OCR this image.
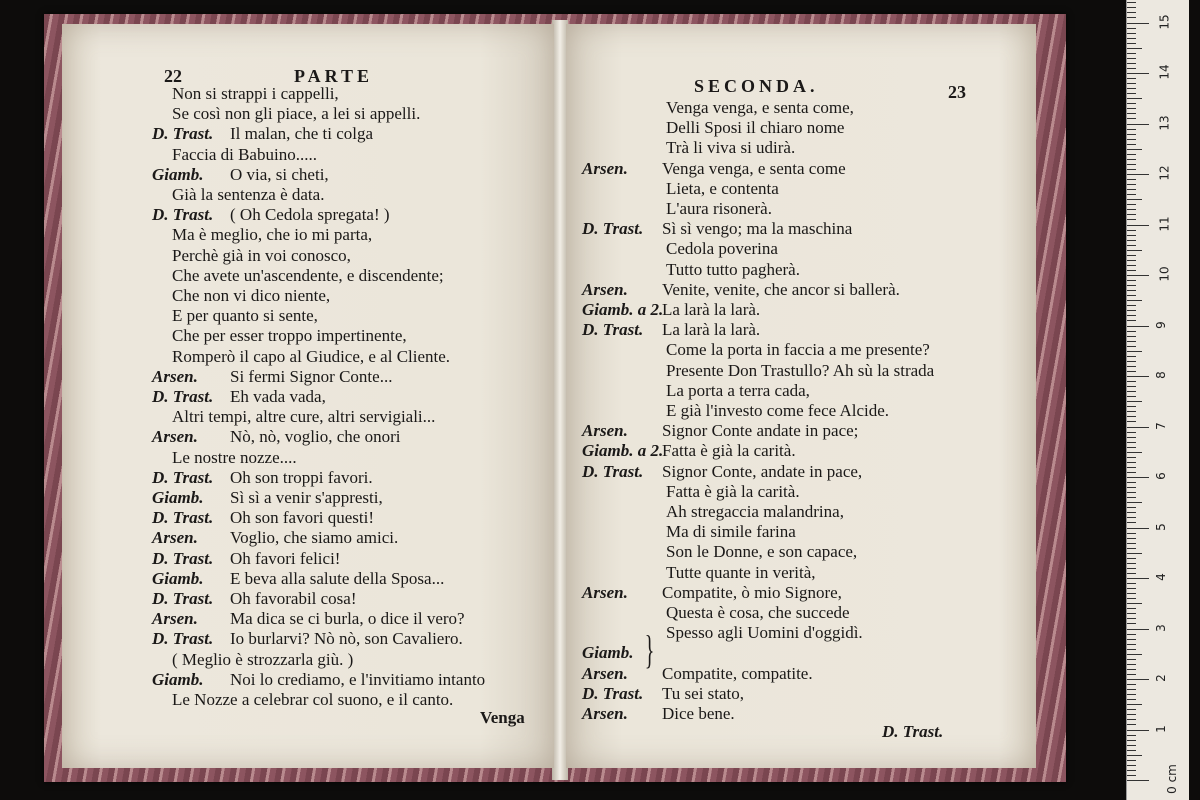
22	PARTE
Non si strappi i cappelli,
Se così non gli piace, a lei si appelli.
D. Trast. Il malan, che ti colga
Faccia di Babuino.....
Giamb. O via, si cheti,
Già la sentenza è data.
D. Trast. ( Oh Cedola spregata! )
Ma è meglio, che io mi parta,
Perchè già in voi conosco,
Che avete un'ascendente, e discendente;
Che non vi dico niente,
E per quanto si sente,
Che per esser troppo impertinente,
Romperò il capo al Giudice, e al Cliente.
Arsen. Si fermi Signor Conte...
D. Trast. Eh vada vada,
Altri tempi, altre cure, altri servigiali...
Arsen. Nò, nò, voglio, che onori
Le nostre nozze....
D. Trast. Oh son troppi favori.
Giamb. Sì sì a venir s'appresti,
D. Trast. Oh son favori questi!
Arsen. Voglio, che siamo amici.
D. Trast. Oh favori felici!
Giamb. E beva alla salute della Sposa...
D. Trast. Oh favorabil cosa!
Arsen. Ma dica se ci burla, o dice il vero?
D. Trast. Io burlarvi? Nò nò, son Cavaliero.
( Meglio è strozzarla giù. )
Giamb. Noi lo crediamo, e l'invitiamo intanto
Le Nozze a celebrar col suono, e il canto.
Venga
SECONDA.	23
Venga venga, e senta come,
Delli Sposi il chiaro nome
Trà li viva si udirà.
Arsen. Venga venga, e senta come
Lieta, e contenta
L'aura risonerà.
D. Trast. Sì sì vengo; ma la maschina
Cedola poverina
Tutto tutto pagherà.
Arsen. Venite, venite, che ancor si ballerà.
Giamb. a 2.
La larà la larà.
D. Trast. La larà la larà.
Come la porta in faccia a me presente?
Presente Don Trastullo? Ah sù la strada
La porta a terra cada,
E già l'investo come fece Alcide.
Arsen. Signor Conte andate in pace;
Giamb. a 2.
Fatta è già la carità.
D. Trast. Signor Conte, andate in pace,
Fatta è già la carità.
Ah stregaccia malandrina,
Ma di simile farina
Son le Donne, e son capace,
Tutte quante in verità,
Arsen. Compatite, ò mio Signore,
Questa è cosa, che succede
Spesso agli Uomini d'oggidì.
Giamb.
Arsen. Compatite, compatite.
D. Trast. Tu sei stato,
Arsen. Dice bene.
}
D. Trast.
0 cm
1
2
3
4
5
6
7
8
9
10
11
12
13
14
15
